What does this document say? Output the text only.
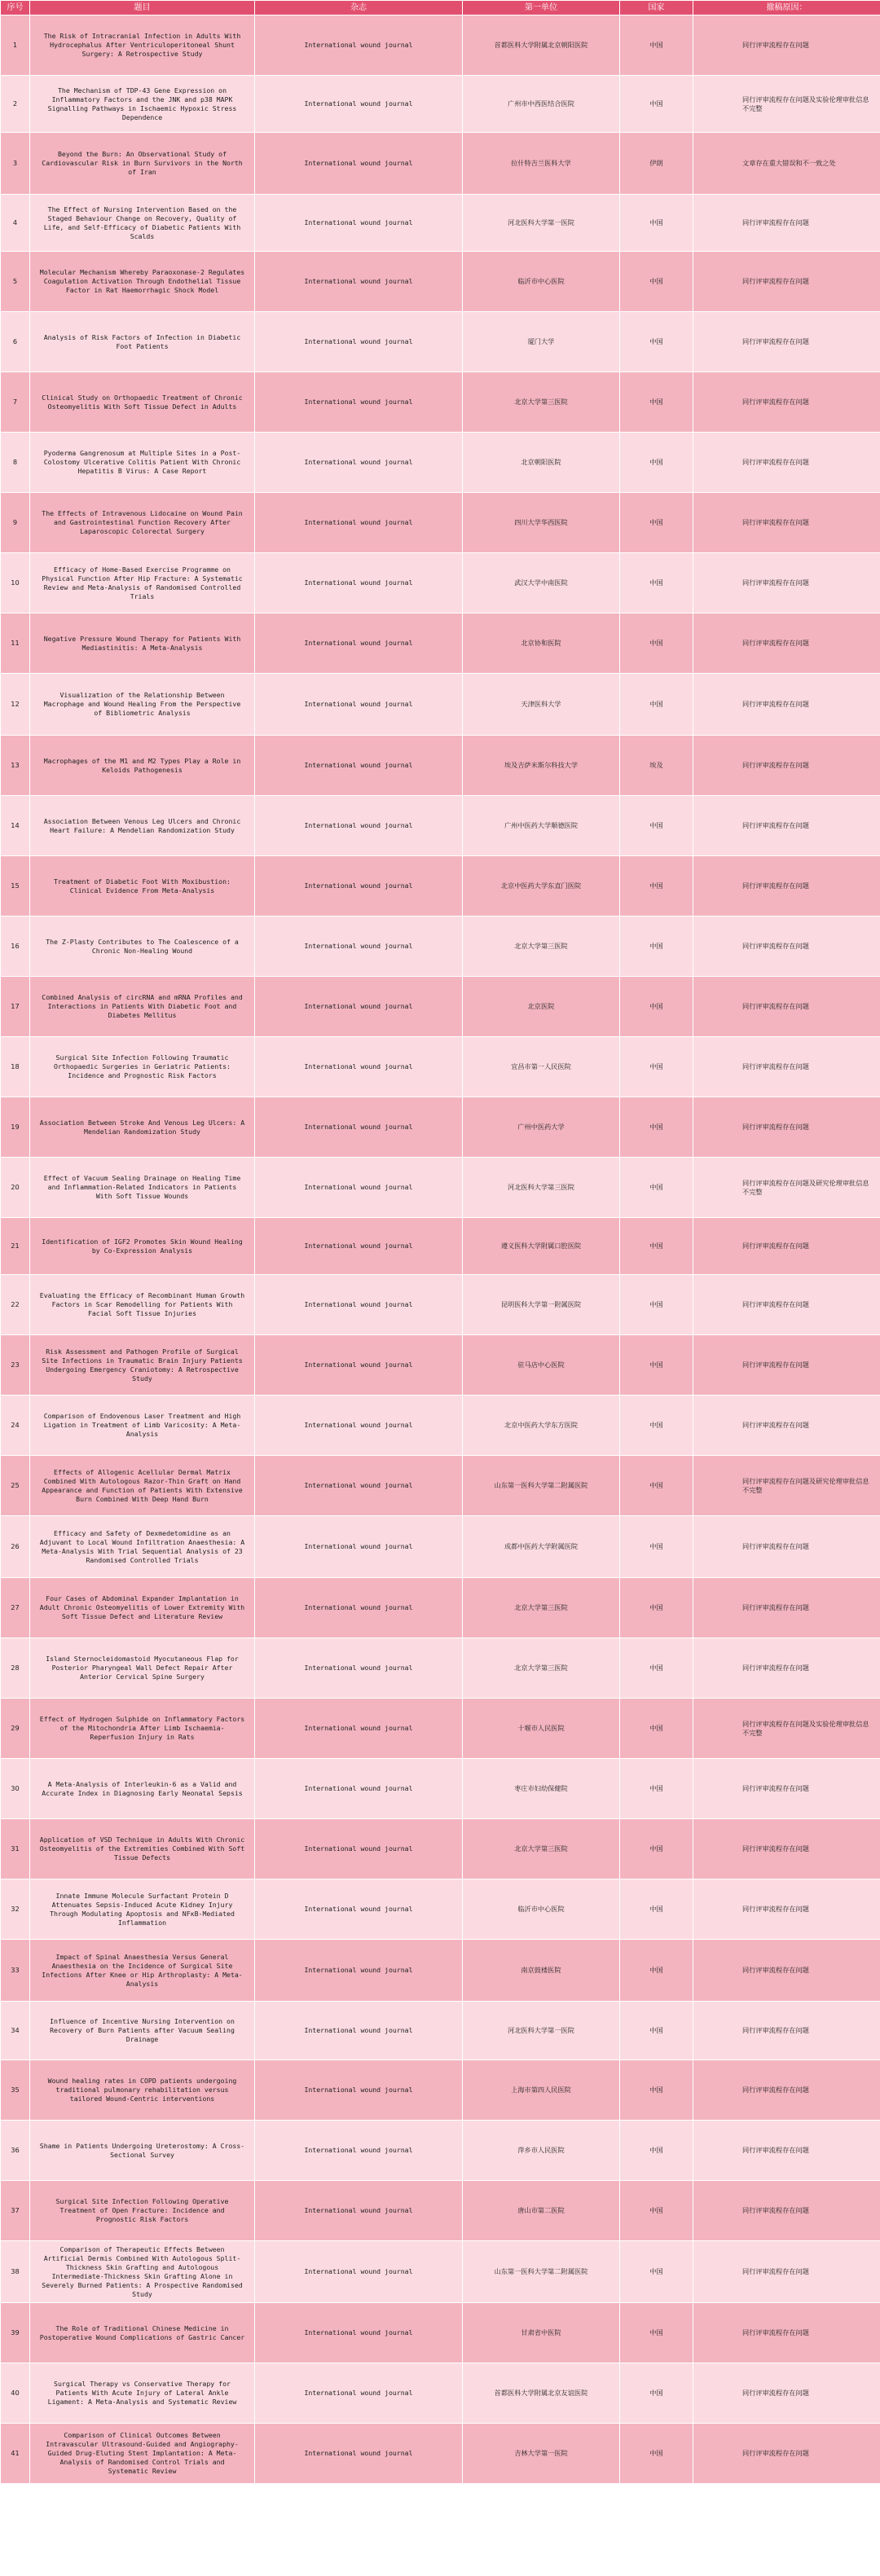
序号	题目	杂志	第一单位	国家	撤稿原因：
1	The Risk of Intracranial Infection in Adults With Hydrocephalus After Ventriculoperitoneal Shunt Surgery: A Retrospective Study	International wound journal	首都医科大学附属北京朝阳医院	中国	同行评审流程存在问题
2	The Mechanism of TDP-43 Gene Expression on Inflammatory Factors and the JNK and p38 MAPK Signalling Pathways in Ischaemic Hypoxic Stress Dependence	International wound journal	广州市中西医结合医院	中国	同行评审流程存在问题及实验伦理审批信息不完整
3	Beyond the Burn: An Observational Study of Cardiovascular Risk in Burn Survivors in the North of Iran	International wound journal	拉什特吉兰医科大学	伊朗	文章存在重大错误和不一致之处
4	The Effect of Nursing Intervention Based on the Staged Behaviour Change on Recovery, Quality of Life, and Self-Efficacy of Diabetic Patients With Scalds	International wound journal	河北医科大学第一医院	中国	同行评审流程存在问题
5	Molecular Mechanism Whereby Paraoxonase-2 Regulates Coagulation Activation Through Endothelial Tissue Factor in Rat Haemorrhagic Shock Model	International wound journal	临沂市中心医院	中国	同行评审流程存在问题
6	Analysis of Risk Factors of Infection in Diabetic Foot Patients	International wound journal	厦门大学	中国	同行评审流程存在问题
7	Clinical Study on Orthopaedic Treatment of Chronic Osteomyelitis With Soft Tissue Defect in Adults	International wound journal	北京大学第三医院	中国	同行评审流程存在问题
8	Pyoderma Gangrenosum at Multiple Sites in a Post-Colostomy Ulcerative Colitis Patient With Chronic Hepatitis B Virus: A Case Report	International wound journal	北京朝阳医院	中国	同行评审流程存在问题
9	The Effects of Intravenous Lidocaine on Wound Pain and Gastrointestinal Function Recovery After Laparoscopic Colorectal Surgery	International wound journal	四川大学华西医院	中国	同行评审流程存在问题
10	Efficacy of Home-Based Exercise Programme on Physical Function After Hip Fracture: A Systematic Review and Meta-Analysis of Randomised Controlled Trials	International wound journal	武汉大学中南医院	中国	同行评审流程存在问题
11	Negative Pressure Wound Therapy for Patients With Mediastinitis: A Meta-Analysis	International wound journal	北京协和医院	中国	同行评审流程存在问题
12	Visualization of the Relationship Between Macrophage and Wound Healing From the Perspective of Bibliometric Analysis	International wound journal	天津医科大学	中国	同行评审流程存在问题
13	Macrophages of the M1 and M2 Types Play a Role in Keloids Pathogenesis	International wound journal	埃及吉萨米斯尔科技大学	埃及	同行评审流程存在问题
14	Association Between Venous Leg Ulcers and Chronic Heart Failure: A Mendelian Randomization Study	International wound journal	广州中医药大学顺德医院	中国	同行评审流程存在问题
15	Treatment of Diabetic Foot With Moxibustion: Clinical Evidence From Meta-Analysis	International wound journal	北京中医药大学东直门医院	中国	同行评审流程存在问题
16	The Z-Plasty Contributes to The Coalescence of a Chronic Non-Healing Wound	International wound journal	北京大学第三医院	中国	同行评审流程存在问题
17	Combined Analysis of circRNA and mRNA Profiles and Interactions in Patients With Diabetic Foot and Diabetes Mellitus	International wound journal	北京医院	中国	同行评审流程存在问题
18	Surgical Site Infection Following Traumatic Orthopaedic Surgeries in Geriatric Patients: Incidence and Prognostic Risk Factors	International wound journal	宜昌市第一人民医院	中国	同行评审流程存在问题
19	Association Between Stroke And Venous Leg Ulcers: A Mendelian Randomization Study	International wound journal	广州中医药大学	中国	同行评审流程存在问题
20	Effect of Vacuum Sealing Drainage on Healing Time and Inflammation-Related Indicators in Patients With Soft Tissue Wounds	International wound journal	河北医科大学第三医院	中国	同行评审流程存在问题及研究伦理审批信息不完整
21	Identification of IGF2 Promotes Skin Wound Healing by Co-Expression Analysis	International wound journal	遵义医科大学附属口腔医院	中国	同行评审流程存在问题
22	Evaluating the Efficacy of Recombinant Human Growth Factors in Scar Remodelling for Patients With Facial Soft Tissue Injuries	International wound journal	昆明医科大学第一附属医院	中国	同行评审流程存在问题
23	Risk Assessment and Pathogen Profile of Surgical Site Infections in Traumatic Brain Injury Patients Undergoing Emergency Craniotomy: A Retrospective Study	International wound journal	驻马店中心医院	中国	同行评审流程存在问题
24	Comparison of Endovenous Laser Treatment and High Ligation in Treatment of Limb Varicosity: A Meta-Analysis	International wound journal	北京中医药大学东方医院	中国	同行评审流程存在问题
25	Effects of Allogenic Acellular Dermal Matrix Combined With Autologous Razor-Thin Graft on Hand Appearance and Function of Patients With Extensive Burn Combined With Deep Hand Burn	International wound journal	山东第一医科大学第二附属医院	中国	同行评审流程存在问题及研究伦理审批信息不完整
26	Efficacy and Safety of Dexmedetomidine as an Adjuvant to Local Wound Infiltration Anaesthesia: A Meta-Analysis With Trial Sequential Analysis of 23 Randomised Controlled Trials	International wound journal	成都中医药大学附属医院	中国	同行评审流程存在问题
27	Four Cases of Abdominal Expander Implantation in Adult Chronic Osteomyelitis of Lower Extremity With Soft Tissue Defect and Literature Review	International wound journal	北京大学第三医院	中国	同行评审流程存在问题
28	Island Sternocleidomastoid Myocutaneous Flap for Posterior Pharyngeal Wall Defect Repair After Anterior Cervical Spine Surgery	International wound journal	北京大学第三医院	中国	同行评审流程存在问题
29	Effect of Hydrogen Sulphide on Inflammatory Factors of the Mitochondria After Limb Ischaemia-Reperfusion Injury in Rats	International wound journal	十堰市人民医院	中国	同行评审流程存在问题及实验伦理审批信息不完整
30	A Meta-Analysis of Interleukin-6 as a Valid and Accurate Index in Diagnosing Early Neonatal Sepsis	International wound journal	枣庄市妇幼保健院	中国	同行评审流程存在问题
31	Application of VSD Technique in Adults With Chronic Osteomyelitis of the Extremities Combined With Soft Tissue Defects	International wound journal	北京大学第三医院	中国	同行评审流程存在问题
32	Innate Immune Molecule Surfactant Protein D Attenuates Sepsis-Induced Acute Kidney Injury Through Modulating Apoptosis and NFκB-Mediated Inflammation	International wound journal	临沂市中心医院	中国	同行评审流程存在问题
33	Impact of Spinal Anaesthesia Versus General Anaesthesia on the Incidence of Surgical Site Infections After Knee or Hip Arthroplasty: A Meta-Analysis	International wound journal	南京鼓楼医院	中国	同行评审流程存在问题
34	Influence of Incentive Nursing Intervention on Recovery of Burn Patients after Vacuum Sealing Drainage	International wound journal	河北医科大学第一医院	中国	同行评审流程存在问题
35	Wound healing rates in COPD patients undergoing traditional pulmonary rehabilitation versus tailored Wound-Centric interventions	International wound journal	上海市第四人民医院	中国	同行评审流程存在问题
36	Shame in Patients Undergoing Ureterostomy: A Cross-Sectional Survey	International wound journal	萍乡市人民医院	中国	同行评审流程存在问题
37	Surgical Site Infection Following Operative Treatment of Open Fracture: Incidence and Prognostic Risk Factors	International wound journal	唐山市第二医院	中国	同行评审流程存在问题
38	Comparison of Therapeutic Effects Between Artificial Dermis Combined With Autologous Split-Thickness Skin Grafting and Autologous Intermediate-Thickness Skin Grafting Alone in Severely Burned Patients: A Prospective Randomised Study	International wound journal	山东第一医科大学第二附属医院	中国	同行评审流程存在问题
39	The Role of Traditional Chinese Medicine in Postoperative Wound Complications of Gastric Cancer	International wound journal	甘肃省中医院	中国	同行评审流程存在问题
40	Surgical Therapy vs Conservative Therapy for Patients With Acute Injury of Lateral Ankle Ligament: A Meta-Analysis and Systematic Review	International wound journal	首都医科大学附属北京友谊医院	中国	同行评审流程存在问题
41	Comparison of Clinical Outcomes Between Intravascular Ultrasound-Guided and Angiography-Guided Drug-Eluting Stent Implantation: A Meta-Analysis of Randomised Control Trials and Systematic Review	International wound journal	吉林大学第一医院	中国	同行评审流程存在问题
